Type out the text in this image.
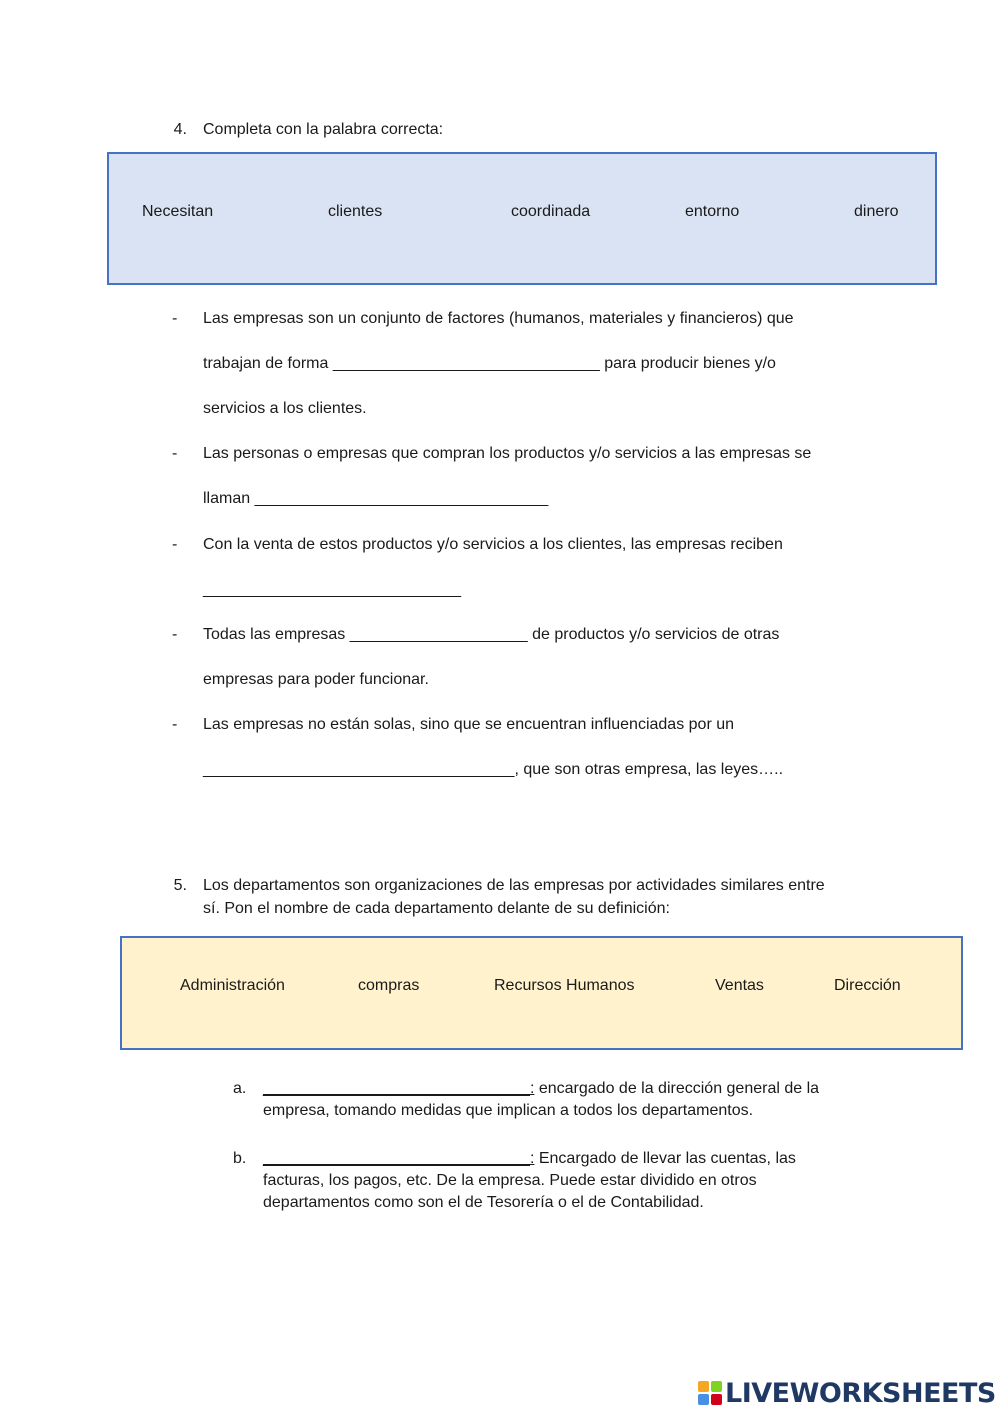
4. Completa con la palabra correcta:
Necesitan	clientes	coordinada	entorno	dinero
-	Las empresas son un conjunto de factores (humanos, materiales y financieros) que
trabajan de forma ______________________________ para producir bienes y/o
servicios a los clientes.
-	Las personas o empresas que compran los productos y/o servicios a las empresas se
llaman _________________________________
-	Con la venta de estos productos y/o servicios a los clientes, las empresas reciben
_____________________________
-	Todas las empresas ____________________ de productos y/o servicios de otras
empresas para poder funcionar.
-	Las empresas no están solas, sino que se encuentran influenciadas por un
___________________________________, que son otras empresa, las leyes…..
5. Los departamentos son organizaciones de las empresas por actividades similares entre
sí. Pon el nombre de cada departamento delante de su definición:
Administración	compras	Recursos Humanos	Ventas	Dirección
a. ______________________________: encargado de la dirección general de la
empresa, tomando medidas que implican a todos los departamentos.
b. ______________________________: Encargado de llevar las cuentas, las
facturas, los pagos, etc. De la empresa. Puede estar dividido en otros
departamentos como son el de Tesorería o el de Contabilidad.
LIVEWORKSHEETS
